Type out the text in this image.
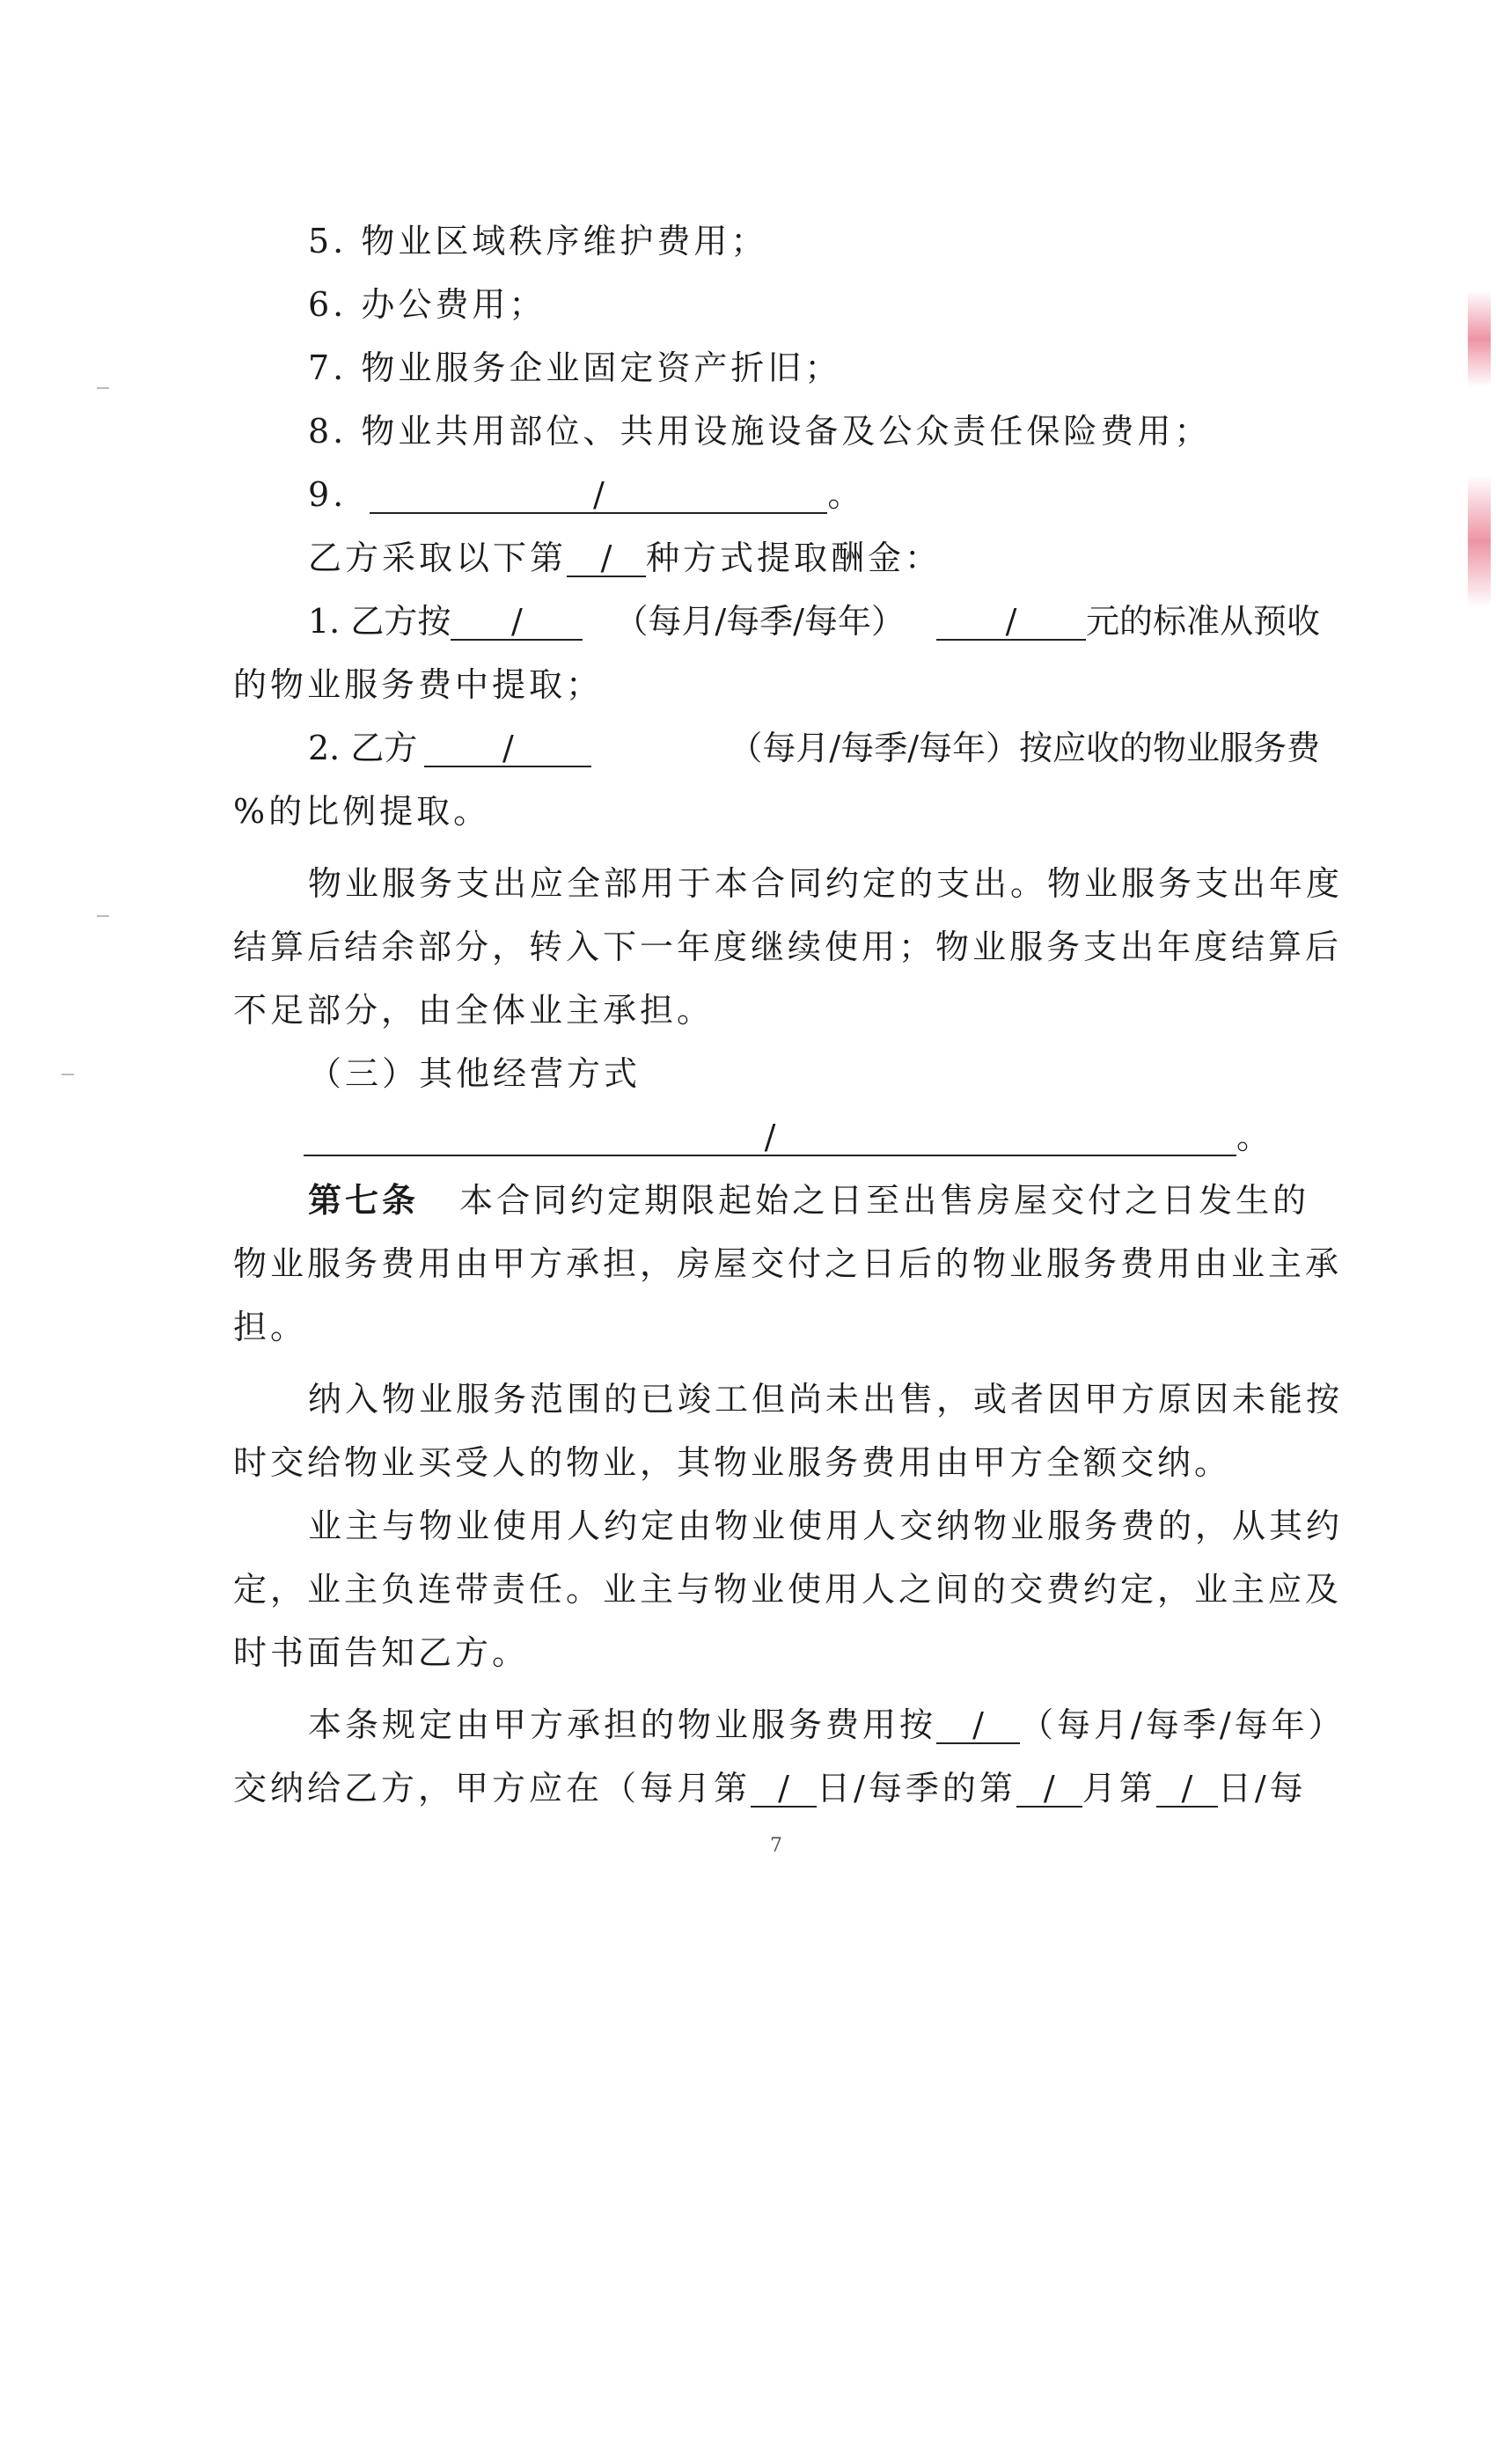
5. 物业区域秩序维护费用；
6. 办公费用；
7. 物业服务企业固定资产折旧；
8. 物业共用部位、共用设施设备及公众责任保险费用；
9.	/	。
乙方采取以下第 / 种方式提取酬金：
1. 乙方按 /	（每月/每季/每年）	/ 元的标准从预收
的物业服务费中提取；
2. 乙方	/	（每月/每季/每年）按应收的物业服务费
%的比例提取。
物业服务支出应全部用于本合同约定的支出。物业服务支出年度
结算后结余部分，转入下一年度继续使用；物业服务支出年度结算后
不足部分，由全体业主承担。
（三）其他经营方式
/	。
第七条 本合同约定期限起始之日至出售房屋交付之日发生的
物业服务费用由甲方承担，房屋交付之日后的物业服务费用由业主承
担。
纳入物业服务范围的已竣工但尚未出售，或者因甲方原因未能按
时交给物业买受人的物业，其物业服务费用由甲方全额交纳。
业主与物业使用人约定由物业使用人交纳物业服务费的，从其约
定，业主负连带责任。业主与物业使用人之间的交费约定，业主应及
时书面告知乙方。
本条规定由甲方承担的物业服务费用按 / （每月/每季/每年）
交纳给乙方，甲方应在（每月第 / 日/每季的第 / 月第 / 日/每
7
